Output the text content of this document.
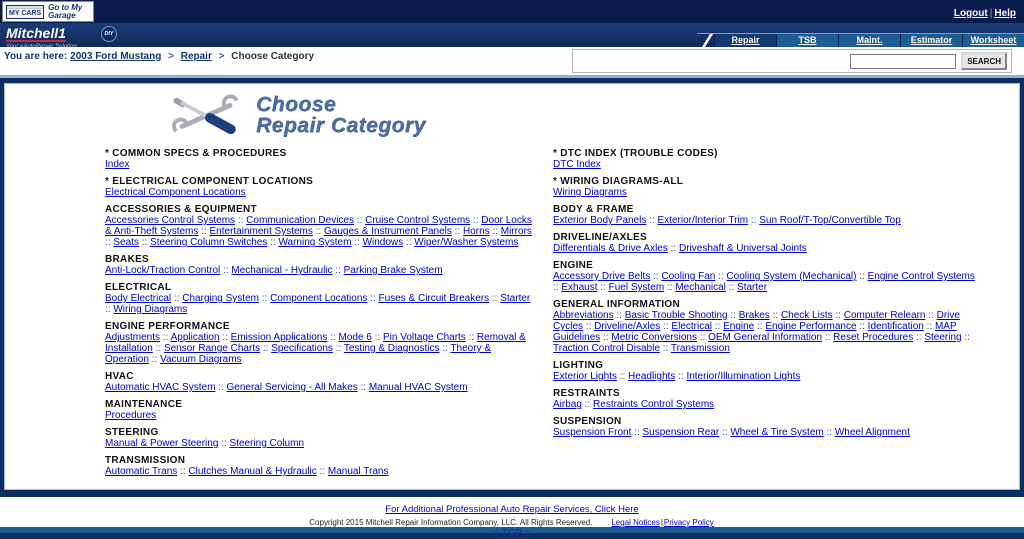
MY CARS
Go to My Garage	Logout | Help
Mitchell1	DIY
Repair	TSB	Maint.	Estimator	Worksheet
You are here: 2003 Ford Mustang > Repair > Choose Category	SEARCH
Choose
Repair Category
* COMMON SPECS & PROCEDURES
Index
* ELECTRICAL COMPONENT LOCATIONS
Electrical Component Locations
ACCESSORIES & EQUIPMENT
Accessories Control Systems :: Communication Devices :: Cruise Control Systems :: Door Locks & Anti-Theft Systems :: Entertainment Systems :: Gauges & Instrument Panels :: Horns :: Mirrors :: Seats :: Steering Column Switches :: Warning System :: Windows :: Wiper/Washer Systems
BRAKES
Anti-Lock/Traction Control :: Mechanical - Hydraulic :: Parking Brake System
ELECTRICAL
Body Electrical :: Charging System :: Component Locations :: Fuses & Circuit Breakers :: Starter :: Wiring Diagrams
ENGINE PERFORMANCE
Adjustments :: Application :: Emission Applications :: Mode 6 :: Pin Voltage Charts :: Removal & Installation :: Sensor Range Charts :: Specifications :: Testing & Diagnostics :: Theory & Operation :: Vacuum Diagrams
HVAC
Automatic HVAC System :: General Servicing - All Makes :: Manual HVAC System
MAINTENANCE
Procedures
STEERING
Manual & Power Steering :: Steering Column
TRANSMISSION
Automatic Trans :: Clutches Manual & Hydraulic :: Manual Trans
* DTC INDEX (TROUBLE CODES)
DTC Index
* WIRING DIAGRAMS-ALL
Wiring Diagrams
BODY & FRAME
Exterior Body Panels :: Exterior/Interior Trim :: Sun Roof/T-Top/Convertible Top
DRIVELINE/AXLES
Differentials & Drive Axles :: Driveshaft & Universal Joints
ENGINE
Accessory Drive Belts :: Cooling Fan :: Cooling System (Mechanical) :: Engine Control Systems :: Exhaust :: Fuel System :: Mechanical :: Starter
GENERAL INFORMATION
Abbreviations :: Basic Trouble Shooting :: Brakes :: Check Lists :: Computer Relearn :: Drive Cycles :: Driveline/Axles :: Electrical :: Engine :: Engine Performance :: Identification :: MAP Guidelines :: Metric Conversions :: OEM General Information :: Reset Procedures :: Steering :: Traction Control Disable :: Transmission
LIGHTING
Exterior Lights :: Headlights :: Interior/Illumination Lights
RESTRAINTS
Airbag :: Restraints Control Systems
SUSPENSION
Suspension Front :: Suspension Rear :: Wheel & Tire System :: Wheel Alignment
For Additional Professional Auto Repair Services, Click Here
Copyright 2015 Mitchell Repair Information Company, LLC. All Rights Reserved. Legal Notices|Privacy Policy
:: TOP ::
